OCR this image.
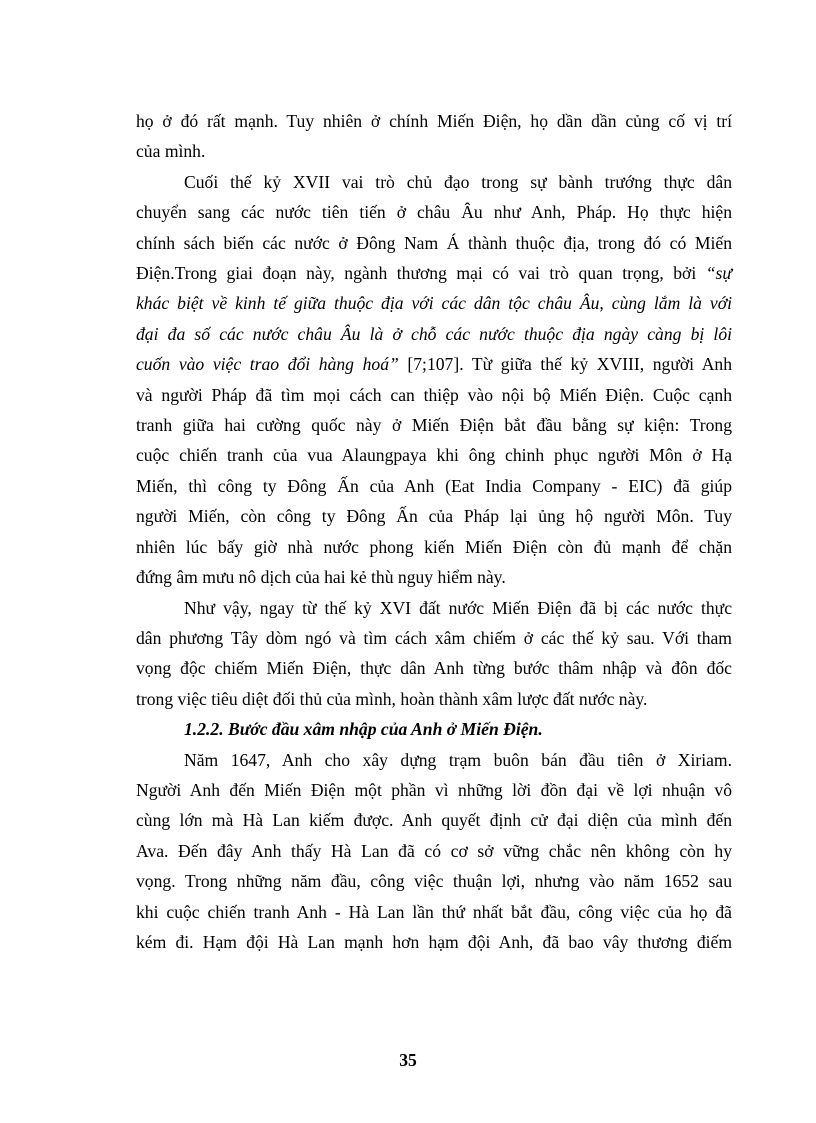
họ ở đó rất mạnh. Tuy nhiên ở chính Miến Điện, họ dần dần củng cố vị trí
của mình.

Cuối thế kỷ XVII vai trò chủ đạo trong sự bành trướng thực dân
chuyển sang các nước tiên tiến ở châu Âu như Anh, Pháp. Họ thực hiện
chính sách biến các nước ở Đông Nam Á thành thuộc địa, trong đó có Miến
Điện.Trong giai đoạn này, ngành thương mại có vai trò quan trọng, bởi “sự
khác biệt về kinh tế giữa thuộc địa với các dân tộc châu Âu, cùng lắm là với
đại đa số các nước châu Âu là ở chỗ các nước thuộc địa ngày càng bị lôi
cuốn vào việc trao đổi hàng hoá” [7;107]. Từ giữa thế kỷ XVIII, người Anh
và người Pháp đã tìm mọi cách can thiệp vào nội bộ Miến Điện. Cuộc cạnh
tranh giữa hai cường quốc này ở Miến Điện bắt đầu bằng sự kiện: Trong
cuộc chiến tranh của vua Alaungpaya khi ông chinh phục người Môn ở Hạ
Miến, thì công ty Đông Ấn của Anh (Eat India Company - EIC) đã giúp
người Miến, còn công ty Đông Ấn của Pháp lại ủng hộ người Môn. Tuy
nhiên lúc bấy giờ nhà nước phong kiến Miến Điện còn đủ mạnh để chặn
đứng âm mưu nô dịch của hai kẻ thù nguy hiểm này.

Như vậy, ngay từ thế kỷ XVI đất nước Miến Điện đã bị các nước thực
dân phương Tây dòm ngó và tìm cách xâm chiếm ở các thế kỷ sau. Với tham
vọng độc chiếm Miến Điện, thực dân Anh từng bước thâm nhập và đôn đốc
trong việc tiêu diệt đối thủ của mình, hoàn thành xâm lược đất nước này.

1.2.2. Bước đầu xâm nhập của Anh ở Miến Điện.

Năm 1647, Anh cho xây dựng trạm buôn bán đầu tiên ở Xiriam.
Người Anh đến Miến Điện một phần vì những lời đồn đại về lợi nhuận vô
cùng lớn mà Hà Lan kiếm được. Anh quyết định cử đại diện của mình đến
Ava. Đến đây Anh thấy Hà Lan đã có cơ sở vững chắc nên không còn hy
vọng. Trong những năm đầu, công việc thuận lợi, nhưng vào năm 1652 sau
khi cuộc chiến tranh Anh - Hà Lan lần thứ nhất bắt đầu, công việc của họ đã
kém đi. Hạm đội Hà Lan mạnh hơn hạm đội Anh, đã bao vây thương điếm

35
